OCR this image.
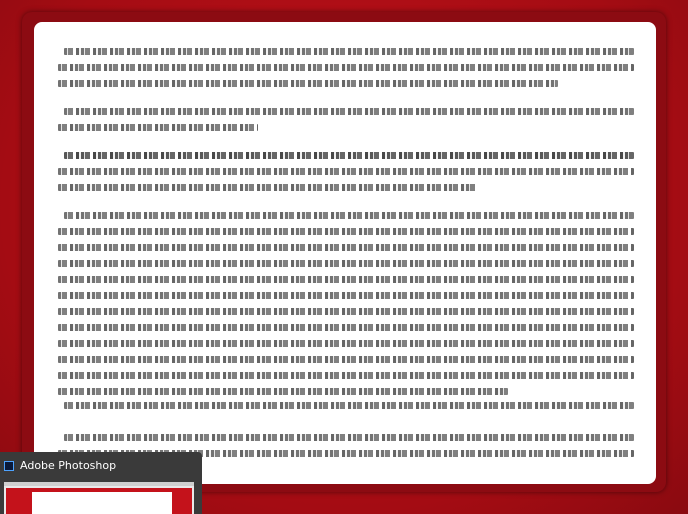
Adobe Photoshop
